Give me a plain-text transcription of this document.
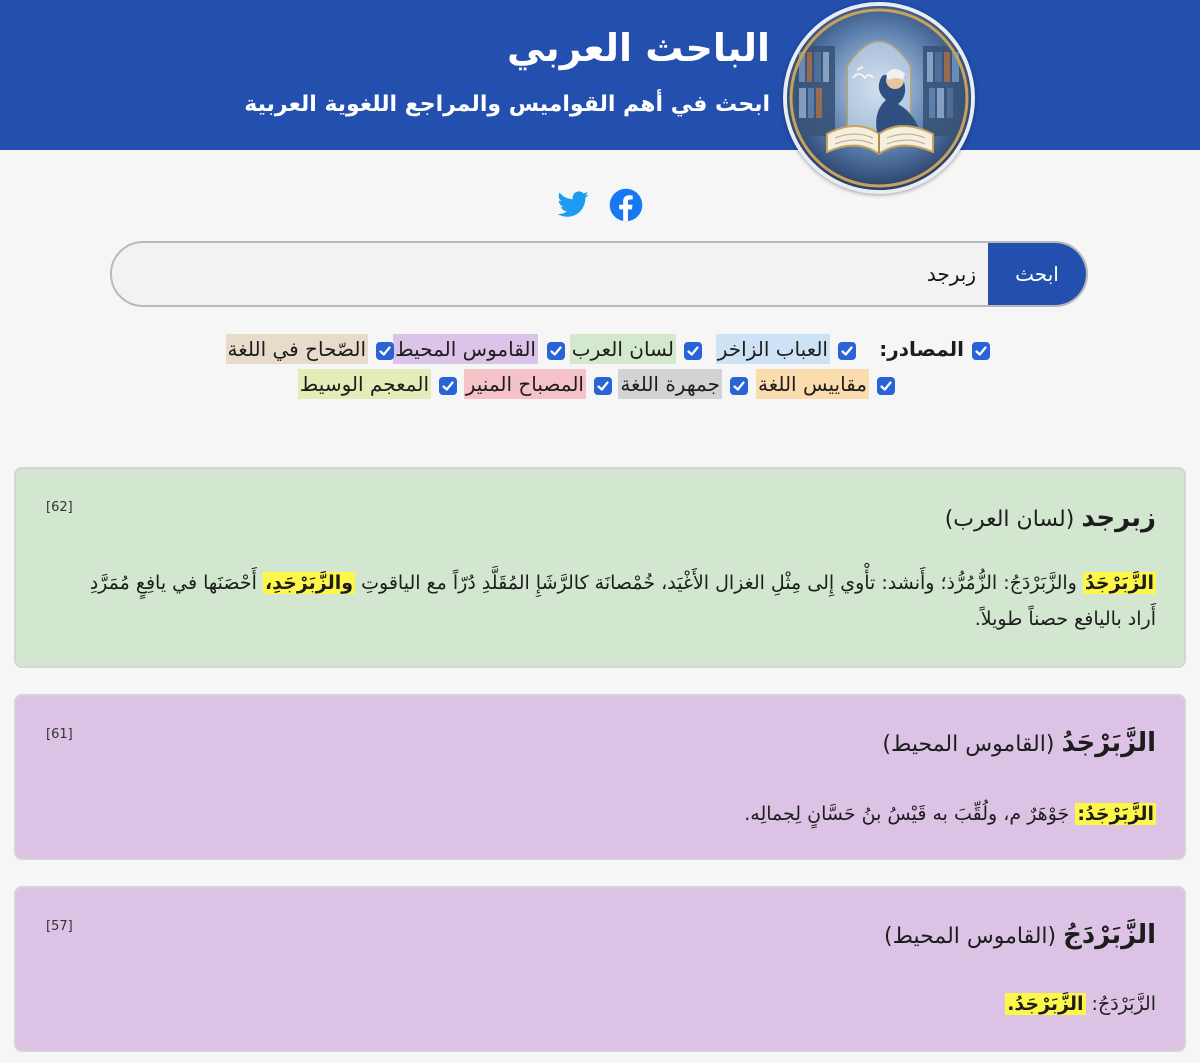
الباحث العربي
ابحث في أهم القواميس والمراجع اللغوية العربية
ابحث
زبرجد
المصادر:
العباب الزاخر
لسان العرب
القاموس المحيط
الصّحاح في اللغة
مقاييس اللغة
جمهرة اللغة
المصباح المنير
المعجم الوسيط
[62]	زبرجد (لسان العرب)
الزَّبَرْجَدُ والزَّبَرْدَجُ: الزُّمُرُّذ؛ وأَنشد: تأْوي إِلى مِثْلِ الغزال الأَغْيَد، خُمْصانَة كالرَّشَإِ المُقَلَّدِ دُرّاً مع الياقوتِ والزَّبَرْجَدِ، أَحْصَنَها في يافِعٍ مُمَرَّدِ أَراد باليافع حصناً طويلاً.
[61]	الزَّبَرْجَدُ (القاموس المحيط)
الزَّبَرْجَدُ: جَوْهَرٌ م، ولُقِّبَ به قَيْسُ بنُ حَسَّانٍ لِجمالِه.
[57]	الزَّبَرْدَجُ (القاموس المحيط)
الزَّبَرْدَجُ: الزَّبَرْجَدُ.
